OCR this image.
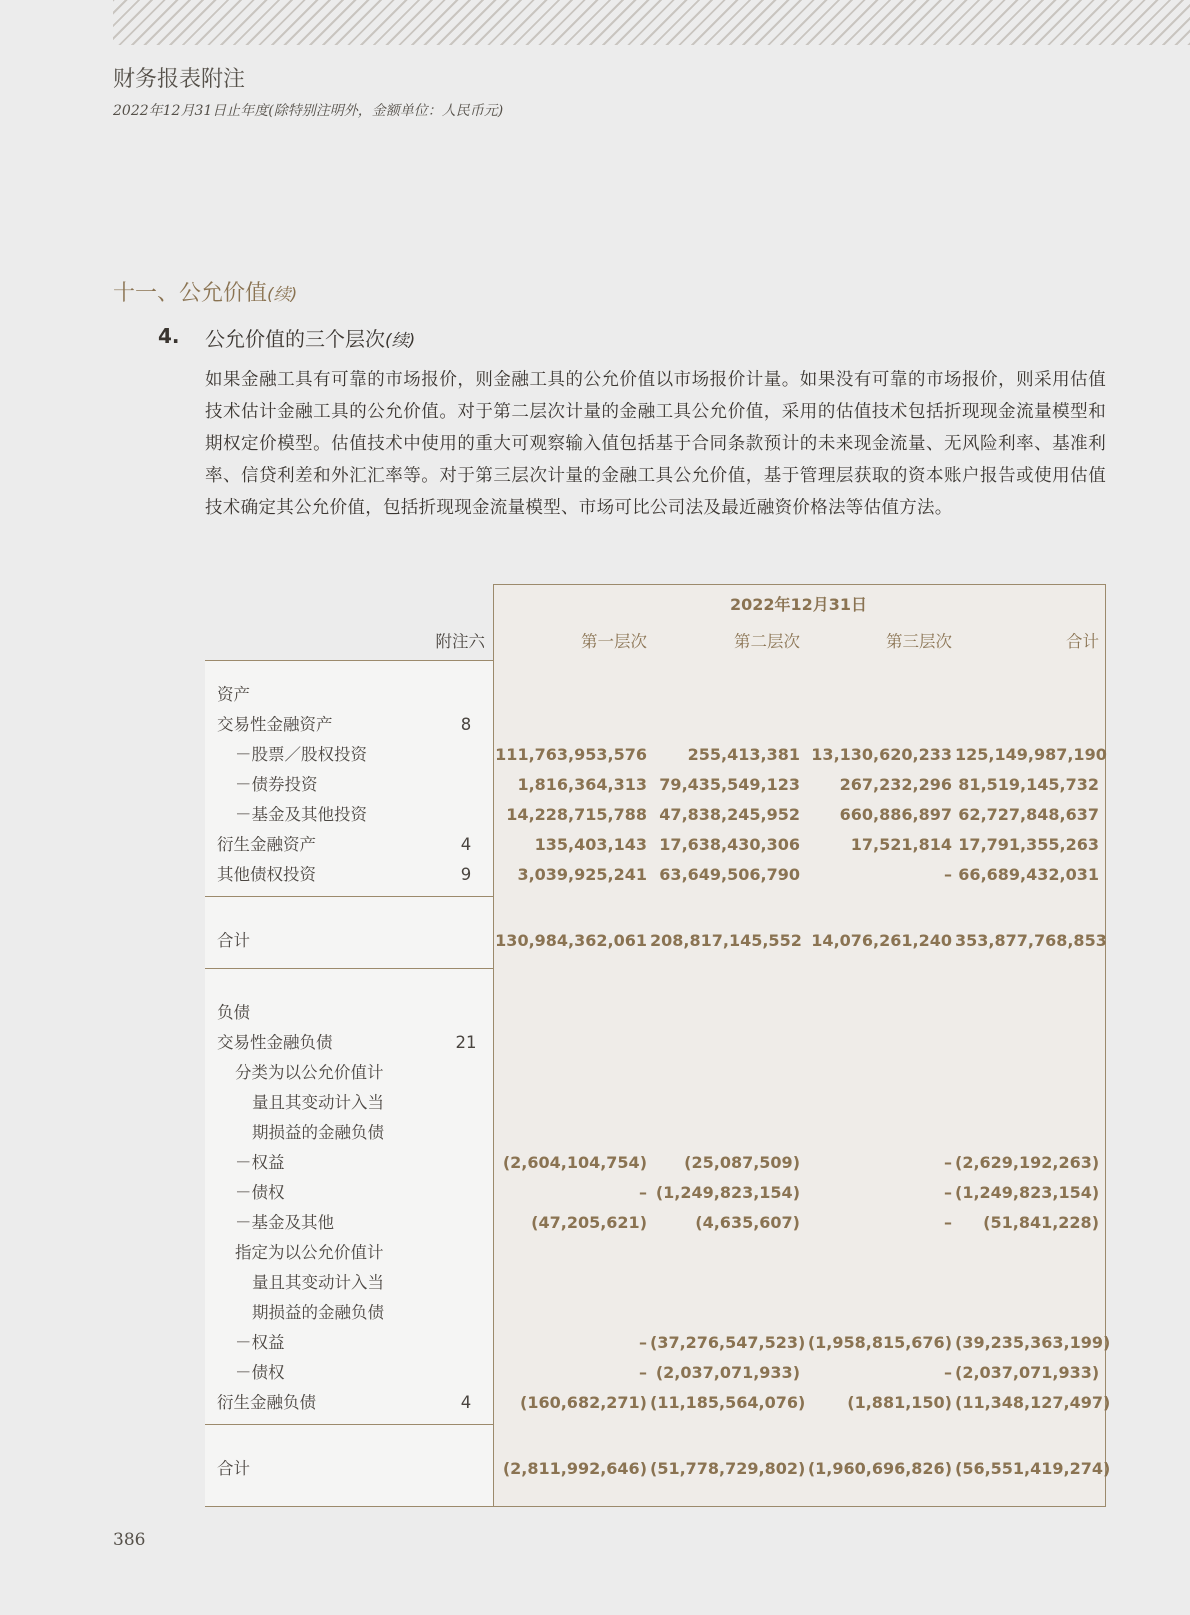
财务报表附注
2022年12月31日止年度(除特别注明外，金额单位：人民币元)
十一、公允价值(续)
4. 公允价值的三个层次(续)
如果金融工具有可靠的市场报价，则金融工具的公允价值以市场报价计量。如果没有可靠的市场报价，则采用估值技术估计金融工具的公允价值。对于第二层次计量的金融工具公允价值，采用的估值技术包括折现现金流量模型和期权定价模型。估值技术中使用的重大可观察输入值包括基于合同条款预计的未来现金流量、无风险利率、基准利率、信贷利差和外汇汇率等。对于第三层次计量的金融工具公允价值，基于管理层获取的资本账户报告或使用估值技术确定其公允价值，包括折现现金流量模型、市场可比公司法及最近融资价格法等估值方法。
2022年12月31日
附注六	第一层次	第二层次	第三层次	合计
资产
交易性金融资产	8
－股票／股权投资	111,763,953,576	255,413,381 13,130,620,233 125,149,987,190
－债券投资	1,816,364,313 79,435,549,123	267,232,296 81,519,145,732
－基金及其他投资	14,228,715,788 47,838,245,952	660,886,897 62,727,848,637
衍生金融资产	4	135,403,143 17,638,430,306	17,521,814 17,791,355,263
其他债权投资	9	3,039,925,241 63,649,506,790	– 66,689,432,031
合计	130,984,362,061 208,817,145,552 14,076,261,240 353,877,768,853
负债
交易性金融负债	21
分类为以公允价值计
量且其变动计入当
期损益的金融负债
－权益	(2,604,104,754)	(25,087,509)	– (2,629,192,263)
－债权	– (1,249,823,154)	– (1,249,823,154)
－基金及其他	(47,205,621)	(4,635,607)	–	(51,841,228)
指定为以公允价值计
量且其变动计入当
期损益的金融负债
－权益	– (37,276,547,523) (1,958,815,676) (39,235,363,199)
－债权	– (2,037,071,933)	– (2,037,071,933)
衍生金融负债	4	(160,682,271) (11,185,564,076)	(1,881,150) (11,348,127,497)
合计	(2,811,992,646) (51,778,729,802) (1,960,696,826) (56,551,419,274)
386
